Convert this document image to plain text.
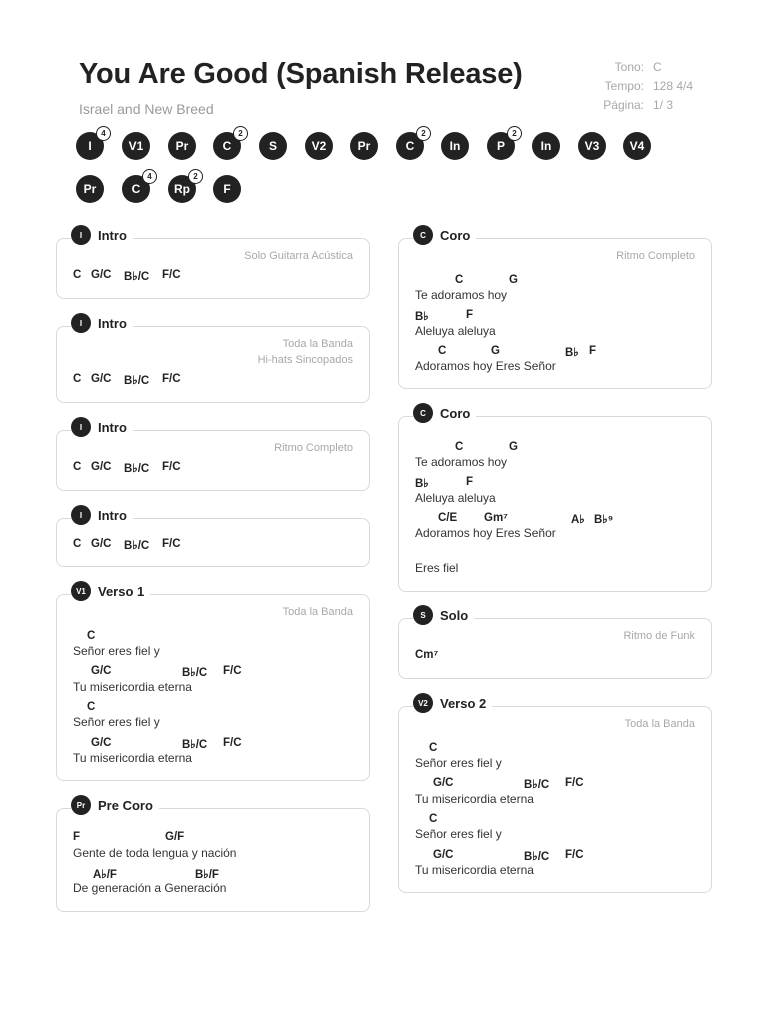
You Are Good (Spanish Release)
Israel and New Breed
Tono:
Tempo:
Página:
C
128 4/4
1/ 3
I
4
V1	Pr	C
2
S	V2	Pr	C
2
In	P
2
In	V3	V4
Pr	C
4
Rp
2
F
I	Intro
Solo Guitarra Acústica
C G/C B♭/C F/C
I	Intro
Toda la Banda
Hi-hats Sincopados
C G/C B♭/C F/C
I	Intro
Ritmo Completo
C G/C B♭/C F/C
I	Intro
C G/C B♭/C F/C
V1 Verso 1
Toda la Banda
C
Señor eres fiel y
G/C	B♭/C F/C
Tu misericordia eterna
C
Señor eres fiel y
G/C	B♭/C F/C
Tu misericordia eterna
Pr Pre Coro
F	G/F
Gente de toda lengua y nación
A♭/F	B♭/F
De generación a Generación
C	Coro
Ritmo Completo
C	G
Te adoramos hoy
B♭	F
Aleluya aleluya
C	G	B♭ F
Adoramos hoy Eres Señor
C	Coro
C	G
Te adoramos hoy
B♭	F
Aleluya aleluya
C/E Gm⁷	A♭ B♭⁹
Adoramos hoy Eres Señor
Eres fiel
S	Solo
Ritmo de Funk
Cm⁷
V2 Verso 2
Toda la Banda
C
Señor eres fiel y
G/C	B♭/C F/C
Tu misericordia eterna
C
Señor eres fiel y
G/C	B♭/C F/C
Tu misericordia eterna
